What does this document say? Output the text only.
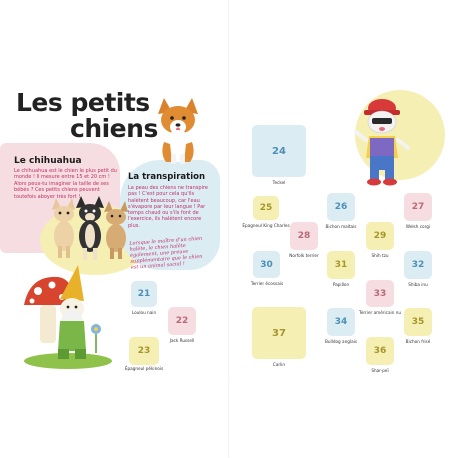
Les petits
chiens
Le chihuahua
Le chihuahua est le chien le plus petit du monde ! Il mesure entre 15 et 20 cm ! Alors peux-tu imaginer la taille de ses bébés ? Ces petits chiens peuvent toutefois aboyer très fort !
La transpiration
La peau des chiens ne transpire pas ! C'est pour cela qu'ils halètent beaucoup, car l'eau s'évapore par leur langue ! Par temps chaud ou s'ils font de l'exercice, ils halètent encore plus.
Lorsque le maître d'un chien halète, le chien halète également, une preuve supplémentaire que le chien est un animal social !
21
Loulou nain
22
Jack Russell
23
Épagneul pékinois
24
Teckel
25
Épagneul King Charles
26
Bichon maltais
27
Welsh corgi
28
Norfolk terrier
29
Shih tzu
30
Terrier écossais
31
Papillon
32
Shiba inu
33
Terrier américain nu
34
Bulldog anglais
35
Bichon frisé
36
Shar-peï
37
Carlin
